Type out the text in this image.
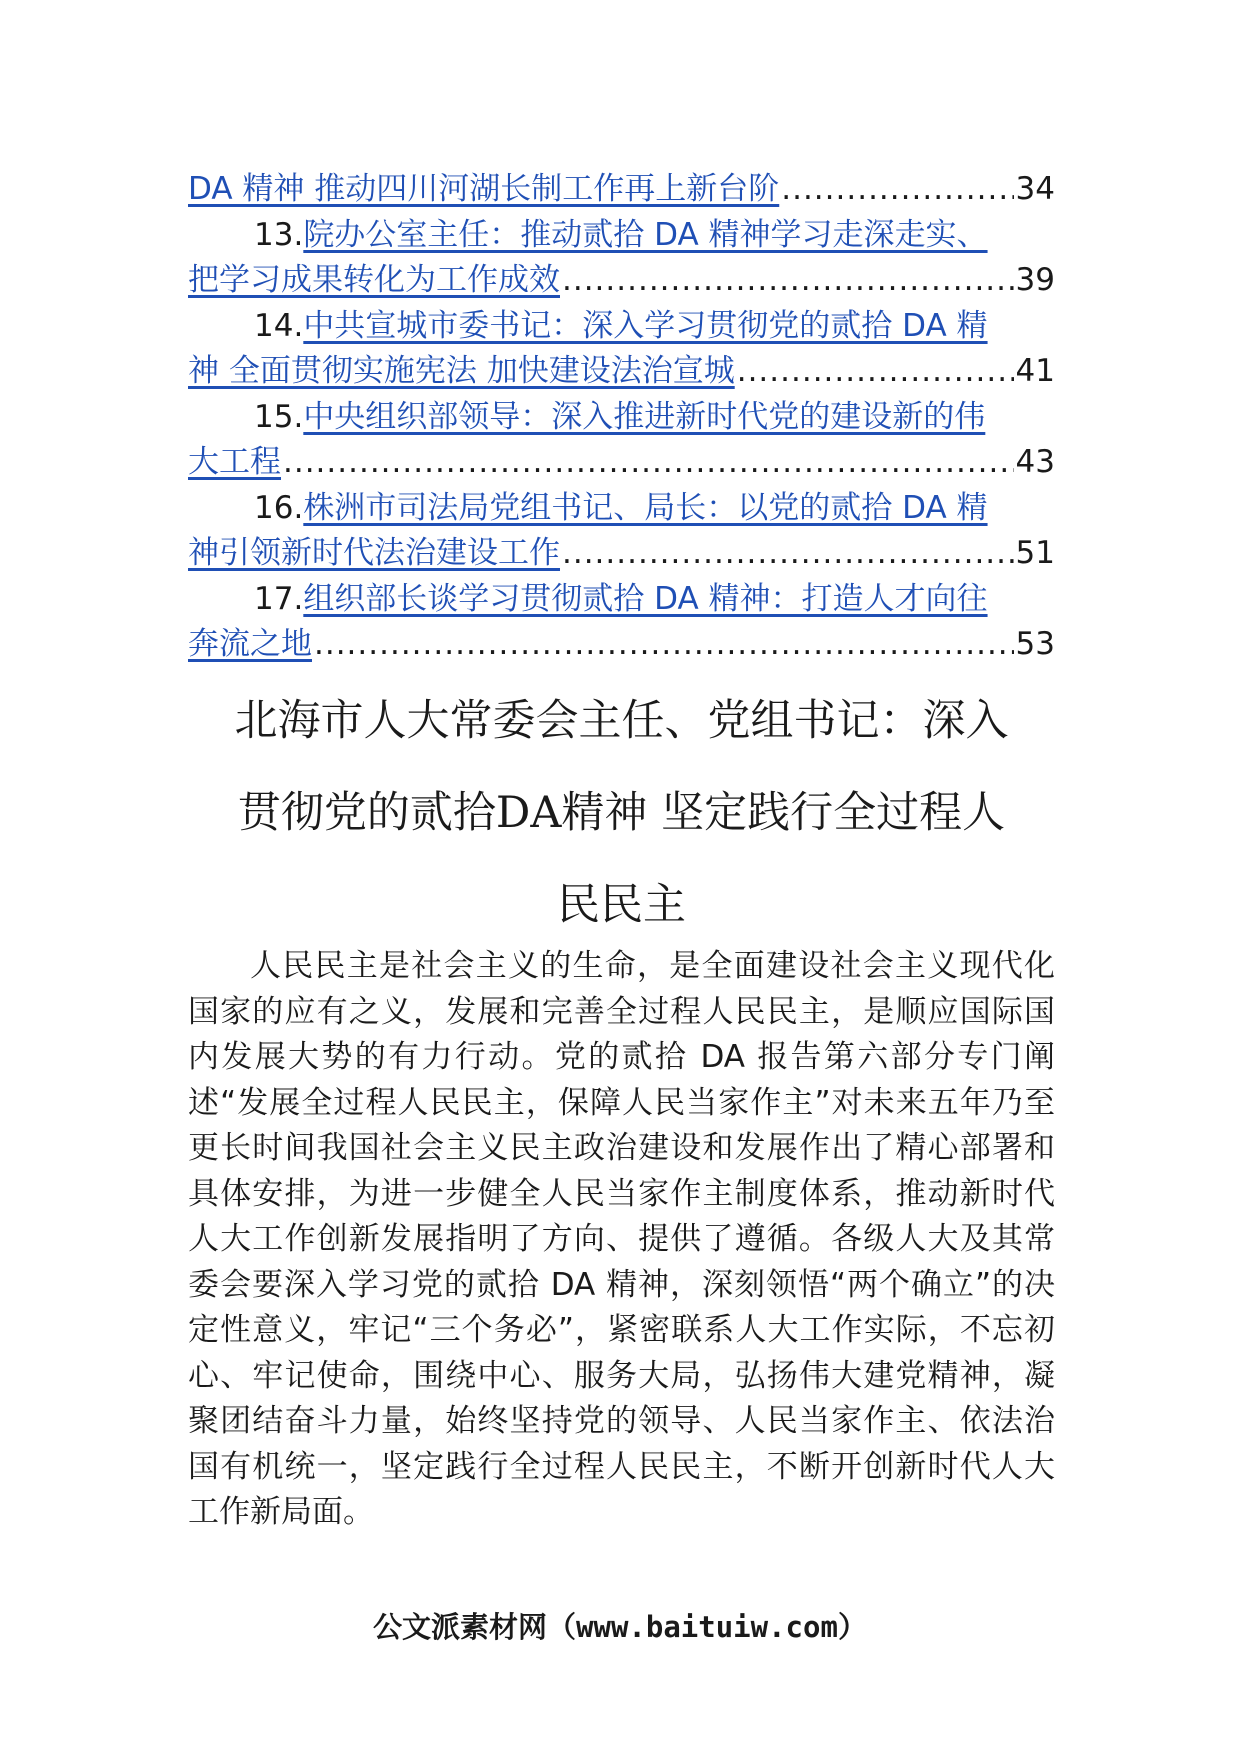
DA 精神 推动四川河湖长制工作再上新台阶 .....	34
13. 院办公室主任：推动贰拾 DA 精神学习走深走实、
把学习成果转化为工作成效 .....	39
14. 中共宣城市委书记：深入学习贯彻党的贰拾 DA 精
神 全面贯彻实施宪法 加快建设法治宣城 .....	41
15. 中央组织部领导：深入推进新时代党的建设新的伟
大工程 .....	43
16. 株洲市司法局党组书记、局长：以党的贰拾 DA 精
神引领新时代法治建设工作 .....	51
17. 组织部长谈学习贯彻贰拾 DA 精神：打造人才向往
奔流之地 .....	53
北海市人大常委会主任、党组书记：深入
贯彻党的贰拾DA精神 坚定践行全过程人
民民主

人民民主是社会主义的生命，是全面建设社会主义现代化国家的应有之义，发展和完善全过程人民民主，是顺应国际国内发展大势的有力行动。党的贰拾 DA 报告第六部分专门阐述“发展全过程人民民主，保障人民当家作主”对未来五年乃至更长时间我国社会主义民主政治建设和发展作出了精心部署和具体安排，为进一步健全人民当家作主制度体系，推动新时代人大工作创新发展指明了方向、提供了遵循。各级人大及其常委会要深入学习党的贰拾 DA 精神，深刻领悟“两个确立”的决定性意义，牢记“三个务必”，紧密联系人大工作实际，不忘初心、牢记使命，围绕中心、服务大局，弘扬伟大建党精神，凝聚团结奋斗力量，始终坚持党的领导、人民当家作主、依法治国有机统一，坚定践行全过程人民民主，不断开创新时代人大工作新局面。

公文派素材网（www.baituiw.com）
